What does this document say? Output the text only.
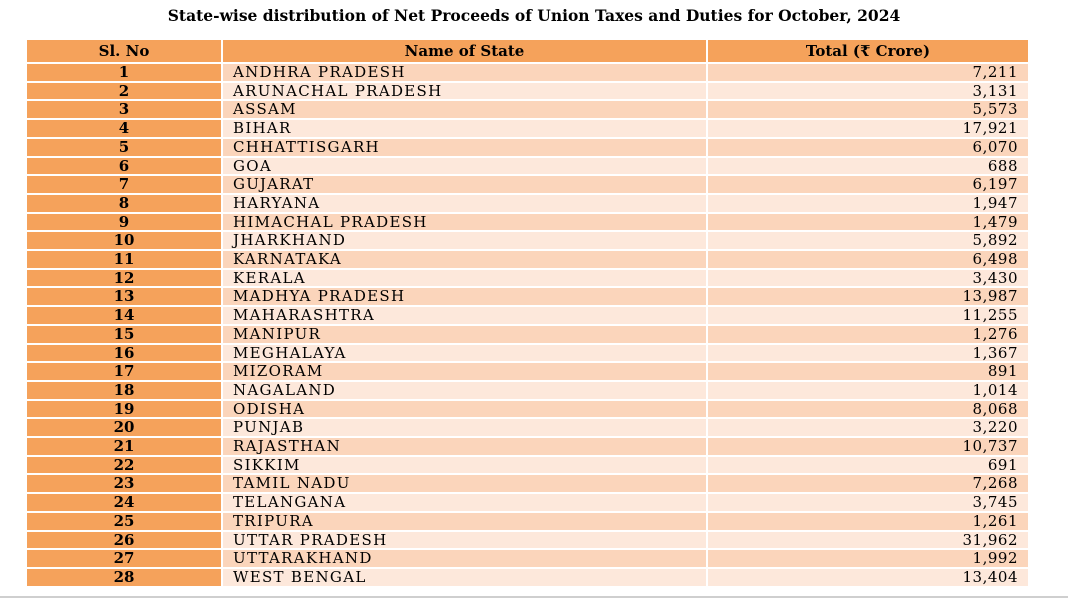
State-wise distribution of Net Proceeds of Union Taxes and Duties for October, 2024
Sl. No	Name of State	Total (₹ Crore)
1	ANDHRA PRADESH	7,211
2	ARUNACHAL PRADESH	3,131
3	ASSAM	5,573
4	BIHAR	17,921
5	CHHATTISGARH	6,070
6	GOA	688
7	GUJARAT	6,197
8	HARYANA	1,947
9	HIMACHAL PRADESH	1,479
10	JHARKHAND	5,892
11	KARNATAKA	6,498
12	KERALA	3,430
13	MADHYA PRADESH	13,987
14	MAHARASHTRA	11,255
15	MANIPUR	1,276
16	MEGHALAYA	1,367
17	MIZORAM	891
18	NAGALAND	1,014
19	ODISHA	8,068
20	PUNJAB	3,220
21	RAJASTHAN	10,737
22	SIKKIM	691
23	TAMIL NADU	7,268
24	TELANGANA	3,745
25	TRIPURA	1,261
26	UTTAR PRADESH	31,962
27	UTTARAKHAND	1,992
28	WEST BENGAL	13,404
